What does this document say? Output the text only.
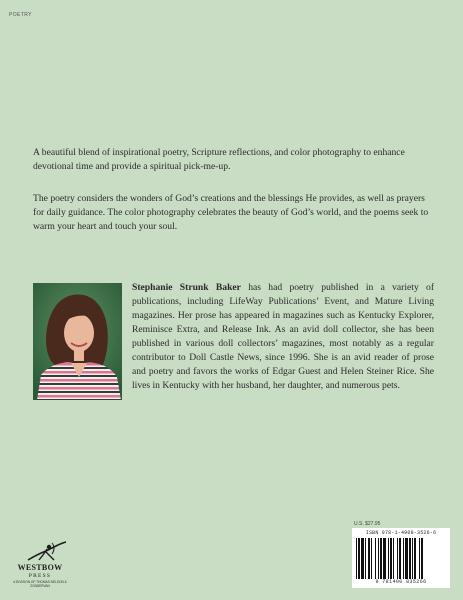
POETRY

A beautiful blend of inspirational poetry, Scripture reflections, and color photography to enhance devotional time and provide a spiritual pick-me-up.

The poetry considers the wonders of God’s creations and the blessings He provides, as well as prayers for daily guidance. The color photography celebrates the beauty of God’s world, and the poems seek to warm your heart and touch your soul.

Stephanie Strunk Baker has had poetry published in a variety of publications, including LifeWay Publications’ Event, and Mature Living magazines. Her prose has appeared in magazines such as Kentucky Explorer, Reminisce Extra, and Release Ink. As an avid doll collector, she has been published in various doll collectors’ magazines, most notably as a regular contributor to Doll Castle News, since 1996. She is an avid reader of prose and poetry and favors the works of Edgar Guest and Helen Steiner Rice. She lives in Kentucky with her husband, her daughter, and numerous pets.

U.S. $27.95
ISBN 978-1-4908-3526-6
9 781490 835266
WESTBOW
PRESS
A DIVISION OF THOMAS NELSON & ZONDERVAN
